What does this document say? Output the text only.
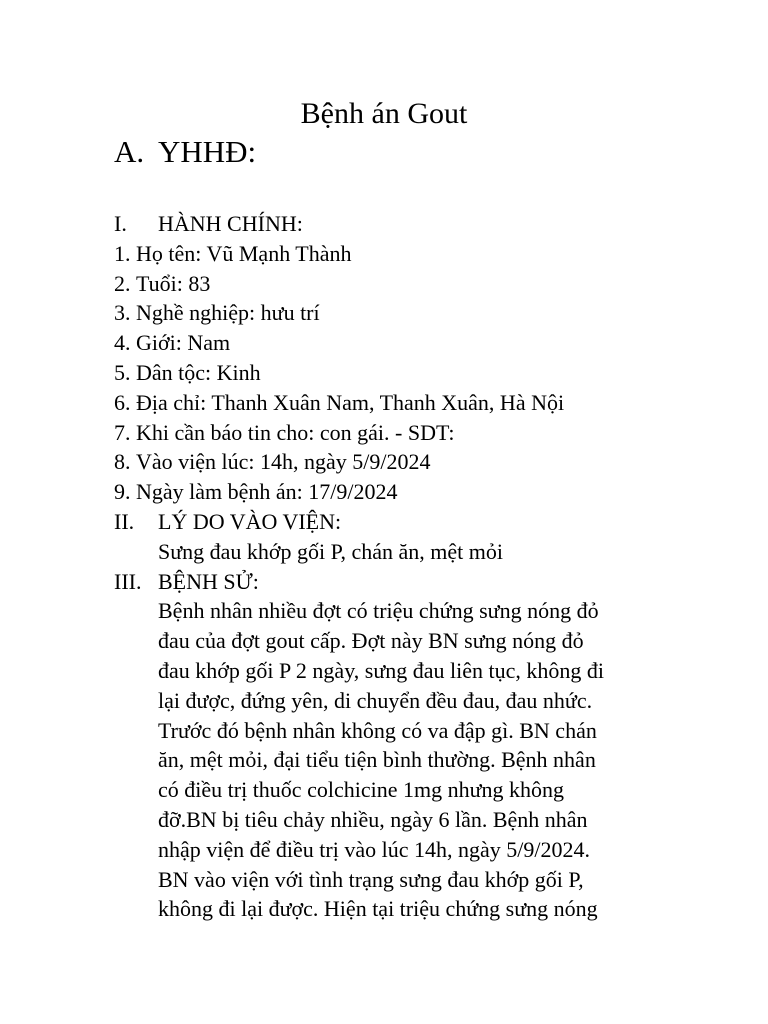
Bệnh án Gout
A. YHHĐ:
I. HÀNH CHÍNH:
1. Họ tên: Vũ Mạnh Thành
2. Tuổi: 83
3. Nghề nghiệp: hưu trí
4. Giới: Nam
5. Dân tộc: Kinh
6. Địa chỉ: Thanh Xuân Nam, Thanh Xuân, Hà Nội
7. Khi cần báo tin cho: con gái. - SDT:
8. Vào viện lúc: 14h, ngày 5/9/2024
9. Ngày làm bệnh án: 17/9/2024
II. LÝ DO VÀO VIỆN:
Sưng đau khớp gối P, chán ăn, mệt mỏi
III. BỆNH SỬ:
Bệnh nhân nhiều đợt có triệu chứng sưng nóng đỏ
đau của đợt gout cấp. Đợt này BN sưng nóng đỏ
đau khớp gối P 2 ngày, sưng đau liên tục, không đi
lại được, đứng yên, di chuyển đều đau, đau nhức.
Trước đó bệnh nhân không có va đập gì. BN chán
ăn, mệt mỏi, đại tiểu tiện bình thường. Bệnh nhân
có điều trị thuốc colchicine 1mg nhưng không
đỡ.BN bị tiêu chảy nhiều, ngày 6 lần. Bệnh nhân
nhập viện để điều trị vào lúc 14h, ngày 5/9/2024.
BN vào viện với tình trạng sưng đau khớp gối P,
không đi lại được. Hiện tại triệu chứng sưng nóng
